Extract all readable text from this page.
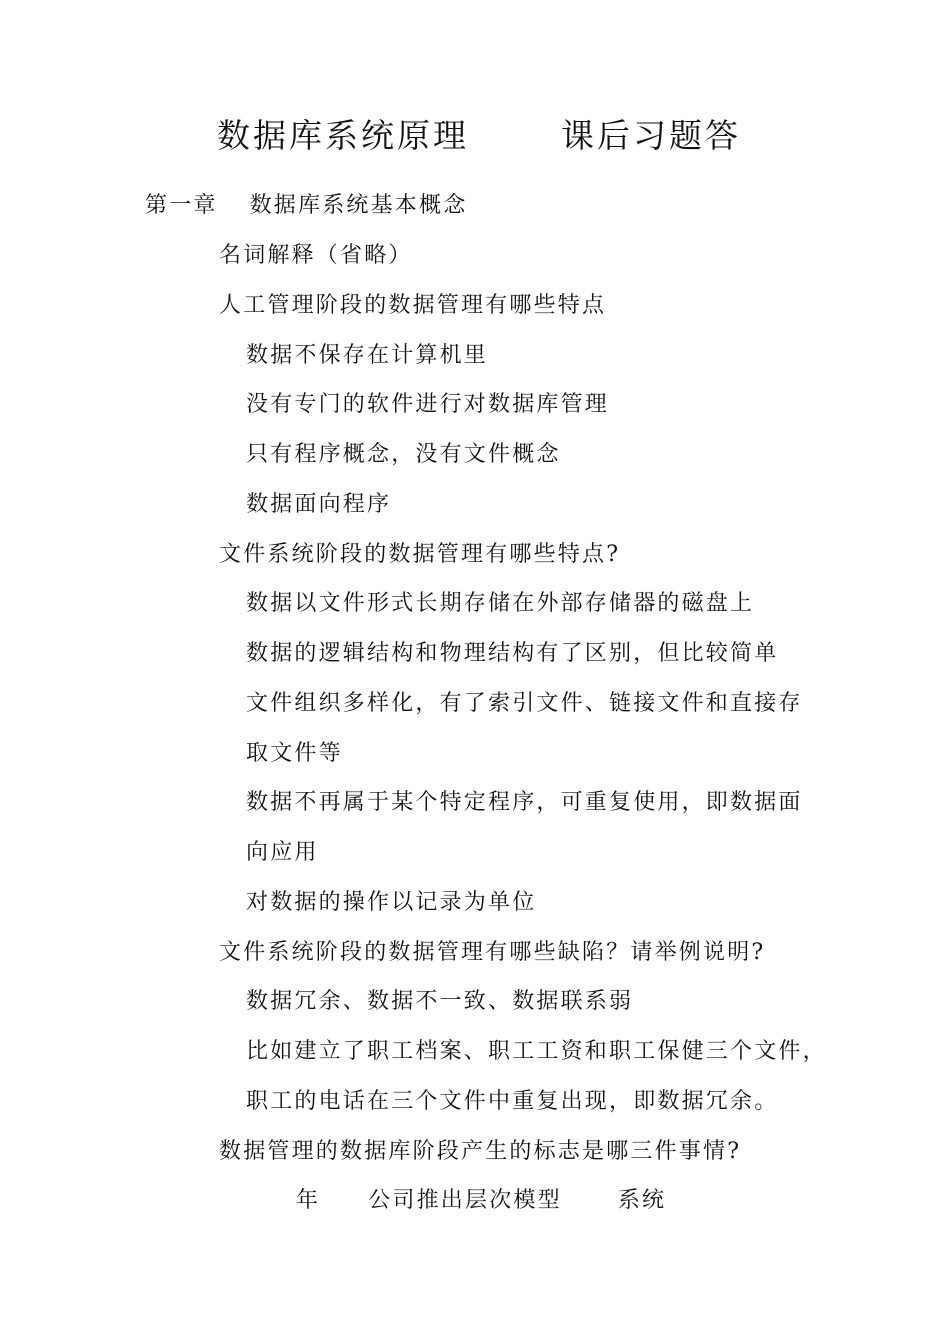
数据库系统原理	课后习题答
第一章 数据库系统基本概念
名词解释（省略）
人工管理阶段的数据管理有哪些特点
数据不保存在计算机里
没有专门的软件进行对数据库管理
只有程序概念，没有文件概念
数据面向程序
文件系统阶段的数据管理有哪些特点?
数据以文件形式长期存储在外部存储器的磁盘上
数据的逻辑结构和物理结构有了区别，但比较简单
文件组织多样化，有了索引文件、链接文件和直接存
取文件等
数据不再属于某个特定程序，可重复使用，即数据面
向应用
对数据的操作以记录为单位
文件系统阶段的数据管理有哪些缺陷？请举例说明?
数据冗余、数据不一致、数据联系弱
比如建立了职工档案、职工工资和职工保健三个文件，
职工的电话在三个文件中重复出现，即数据冗余。
数据管理的数据库阶段产生的标志是哪三件事情?
年 公司推出层次模型	系统
